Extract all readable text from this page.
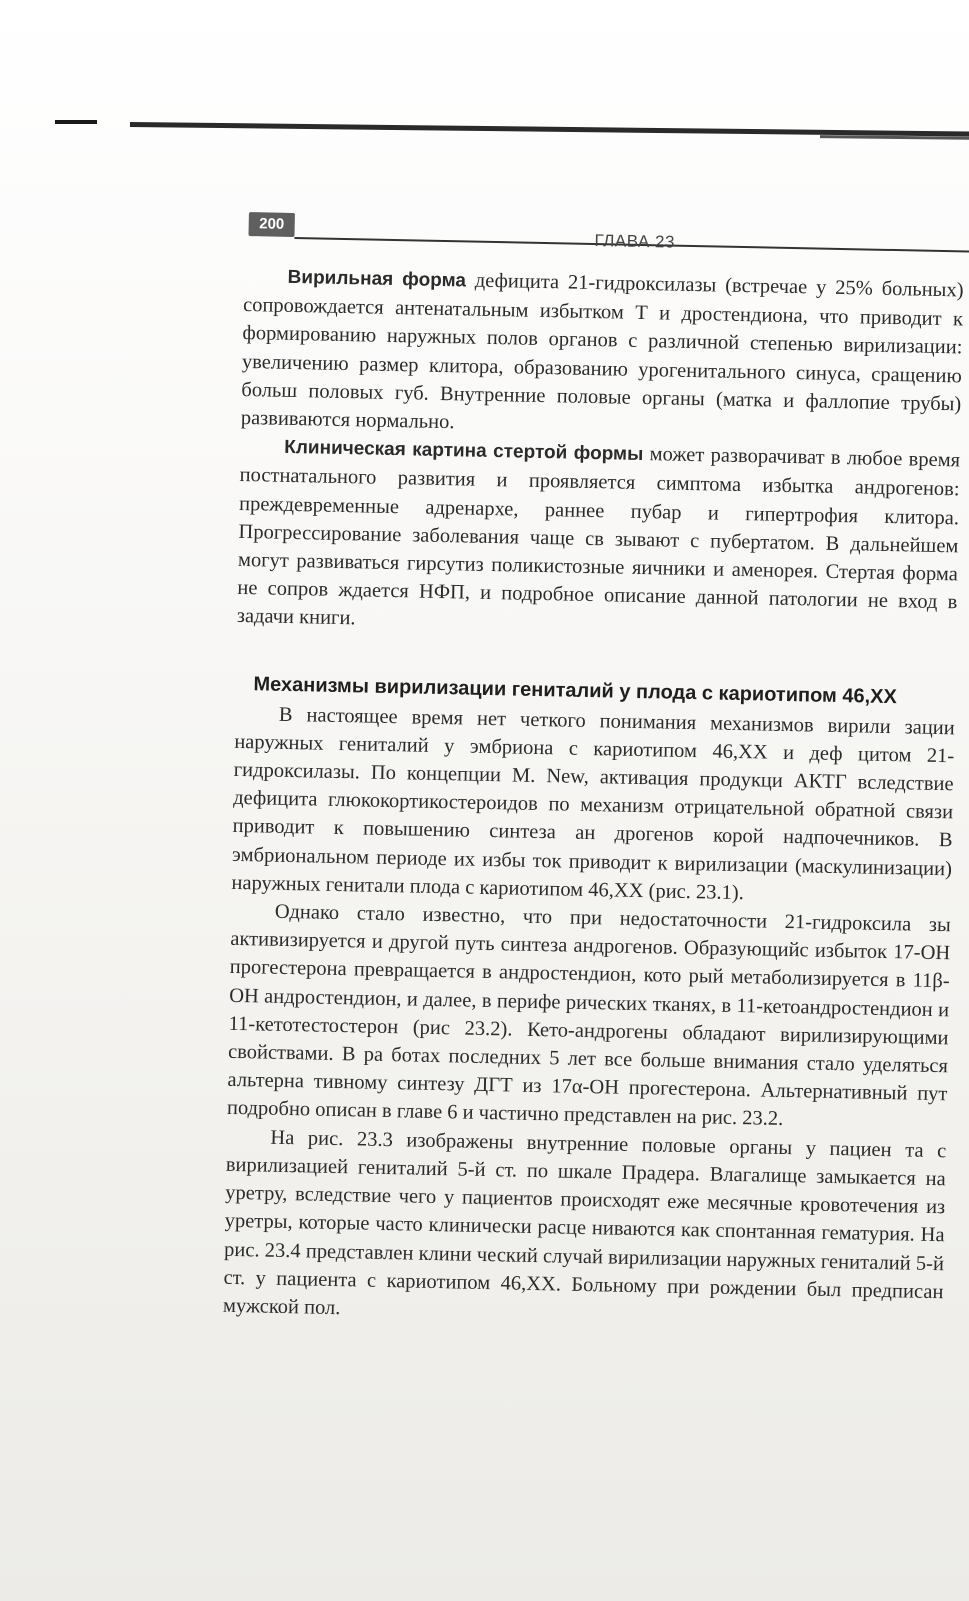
200
ГЛАВА 23

Вирильная форма дефицита 21-гидроксилазы (встречае у 25% больных) сопровождается антенатальным избытком Т и дростендиона, что приводит к формированию наружных полов органов с различной степенью вирилизации: увеличению размер клитора, образованию урогенитального синуса, сращению больш половых губ. Внутренние половые органы (матка и фаллопие трубы) развиваются нормально.

Клиническая картина стертой формы может разворачиват в любое время постнатального развития и проявляется симптома избытка андрогенов: преждевременные адренархе, раннее пубар и гипертрофия клитора. Прогрессирование заболевания чаще св зывают с пубертатом. В дальнейшем могут развиваться гирсутиз поликистозные яичники и аменорея. Стертая форма не сопров ждается НФП, и подробное описание данной патологии не вход в задачи книги.

Механизмы вирилизации гениталий у плода с кариотипом 46,XX

В настоящее время нет четкого понимания механизмов вирили зации наружных гениталий у эмбриона с кариотипом 46,XX и деф цитом 21-гидроксилазы. По концепции M. New, активация продукци АКТГ вследствие дефицита глюкокортикостероидов по механизм отрицательной обратной связи приводит к повышению синтеза ан дрогенов корой надпочечников. В эмбриональном периоде их избы ток приводит к вирилизации (маскулинизации) наружных генитали плода с кариотипом 46,XX (рис. 23.1).

Однако стало известно, что при недостаточности 21-гидроксила зы активизируется и другой путь синтеза андрогенов. Образующийс избыток 17-ОН прогестерона превращается в андростендион, кото рый метаболизируется в 11β-ОН андростендион, и далее, в перифе рических тканях, в 11-кетоандростендион и 11-кетотестостерон (рис 23.2). Кето-андрогены обладают вирилизирующими свойствами. В ра ботах последних 5 лет все больше внимания стало уделяться альтерна тивному синтезу ДГТ из 17α-ОН прогестерона. Альтернативный пут подробно описан в главе 6 и частично представлен на рис. 23.2.

На рис. 23.3 изображены внутренние половые органы у пациен та с вирилизацией гениталий 5-й ст. по шкале Прадера. Влагалище замыкается на уретру, вследствие чего у пациентов происходят еже месячные кровотечения из уретры, которые часто клинически расце ниваются как спонтанная гематурия. На рис. 23.4 представлен клини ческий случай вирилизации наружных гениталий 5-й ст. у пациента с кариотипом 46,XX. Больному при рождении был предписан мужской пол.
